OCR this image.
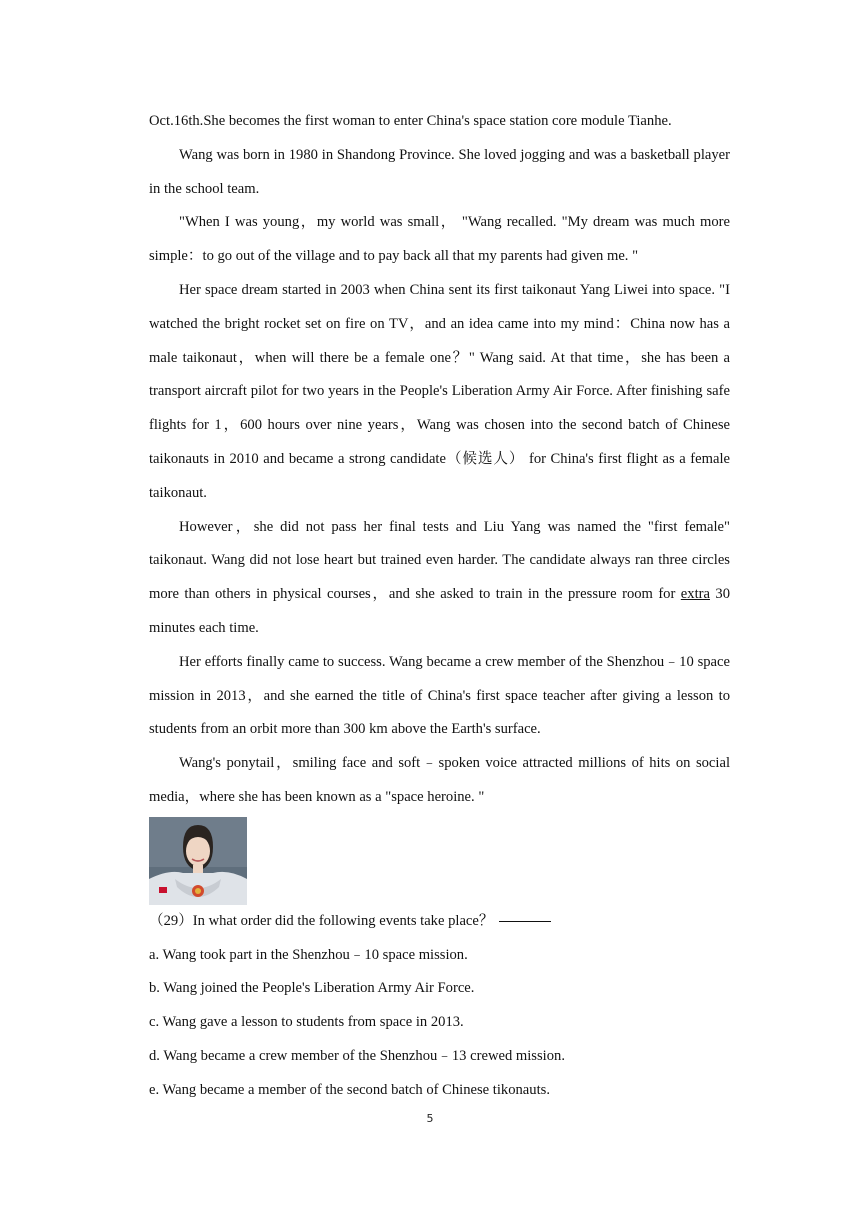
Oct.16th.She becomes the first woman to enter China's space station core module Tianhe.

Wang was born in 1980 in Shandong Province. She loved jogging and was a basketball player in the school team.

"When I was young，my world was small， "Wang recalled. "My dream was much more simple：to go out of the village and to pay back all that my parents had given me. "

Her space dream started in 2003 when China sent its first taikonaut Yang Liwei into space. "I watched the bright rocket set on fire on TV，and an idea came into my mind：China now has a male taikonaut，when will there be a female one？" Wang said. At that time，she has been a transport aircraft pilot for two years in the People's Liberation Army Air Force. After finishing safe flights for 1，600 hours over nine years，Wang was chosen into the second batch of Chinese taikonauts in 2010 and became a strong candidate（候选人） for China's first flight as a female taikonaut.

However，she did not pass her final tests and Liu Yang was named the "first female" taikonaut. Wang did not lose heart but trained even harder. The candidate always ran three circles more than others in physical courses，and she asked to train in the pressure room for extra 30 minutes each time.

Her efforts finally came to success. Wang became a crew member of the Shenzhou﹣10 space mission in 2013，and she earned the title of China's first space teacher after giving a lesson to students from an orbit more than 300 km above the Earth's surface.

Wang's ponytail，smiling face and soft﹣spoken voice attracted millions of hits on social media，where she has been known as a "space heroine. "

（29）In what order did the following events take place？

a. Wang took part in the Shenzhou﹣10 space mission.

b. Wang joined the People's Liberation Army Air Force.

c. Wang gave a lesson to students from space in 2013.

d. Wang became a crew member of the Shenzhou﹣13 crewed mission.

e. Wang became a member of the second batch of Chinese tikonauts.

5
